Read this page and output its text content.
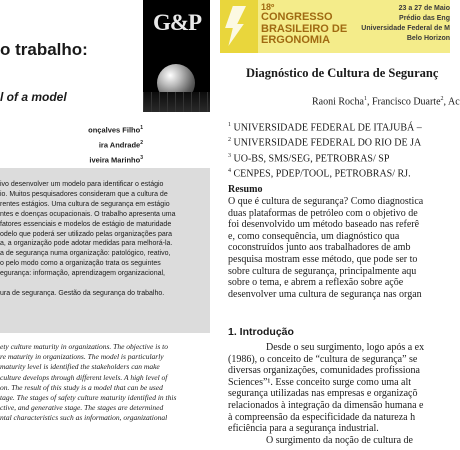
o trabalho:
l of a model
G&P
onçalves Filho$^1$
ira Andrade$^2$
iveira Marinho$^3$
ivo desenvolver um modelo para identificar o estágio
io. Muitos pesquisadores consideram que a cultura de
rentes estágios. Uma cultura de segurança em estágio
ntes e doenças ocupacionais. O trabalho apresenta uma
fatores essenciais e modelos de estágio de maturidade
odelo que poderá ser utilizado pelas organizações para
a, a organização pode adotar medidas para melhorá-la.
a de segurança numa organização: patológico, reativo,
o pelo modo como a organização trata os seguintes
egurança: informação, aprendizagem organizacional,
ura de segurança. Gestão da segurança do trabalho.
ety culture maturity in organizations. The objective is to
re maturity in organizations. The model is particularly
maturity level is identified the stakeholders can make
culture develops through different levels. A high level of
on. The result of this study is a model that can be used
tage. The stages of safety culture maturity identified in this
ctive, and generative stage. The stages are determined
ntal characteristics such as information, organizational
18º
CONGRESSO
BRASILEIRO DE
ERGONOMIA
23 a 27 de Maio
Prédio das Eng
Universidade Federal de M
Belo Horizon
Diagnóstico de Cultura de Seguranç
Raoni Rocha$^1$, Francisco Duarte$^2$, Ac
$^1$ UNIVERSIDADE FEDERAL DE ITAJUBÁ –
$^2$ UNIVERSIDADE FEDERAL DO RIO DE JA
$^3$ UO-BS, SMS/SEG, PETROBRAS/ SP
$^4$ CENPES, PDEP/TOOL, PETROBRAS/ RJ.
Resumo
O que é cultura de segurança? Como diagnostica
duas plataformas de petróleo com o objetivo de
foi desenvolvido um método baseado nas referê
e, como consequência, um diagnóstico qua
coconstruídos junto aos trabalhadores de amb
pesquisa mostram esse método, que pode ser to
sobre cultura de segurança, principalmente aqu
sobre o tema, e abrem a reflexão sobre açõe
desenvolver uma cultura de segurança nas organ
1. Introdução
Desde o seu surgimento, logo após a ex
(1986), o conceito de “cultura de segurança” se
diversas organizações, comunidades profissiona
Sciences”¹. Esse conceito surge como uma alt
segurança utilizadas nas empresas e organizaçõ
relacionados à integração da dimensão humana e
à compreensão da especificidade da natureza h
eficiência para a segurança industrial.
O surgimento da noção de cultura de
